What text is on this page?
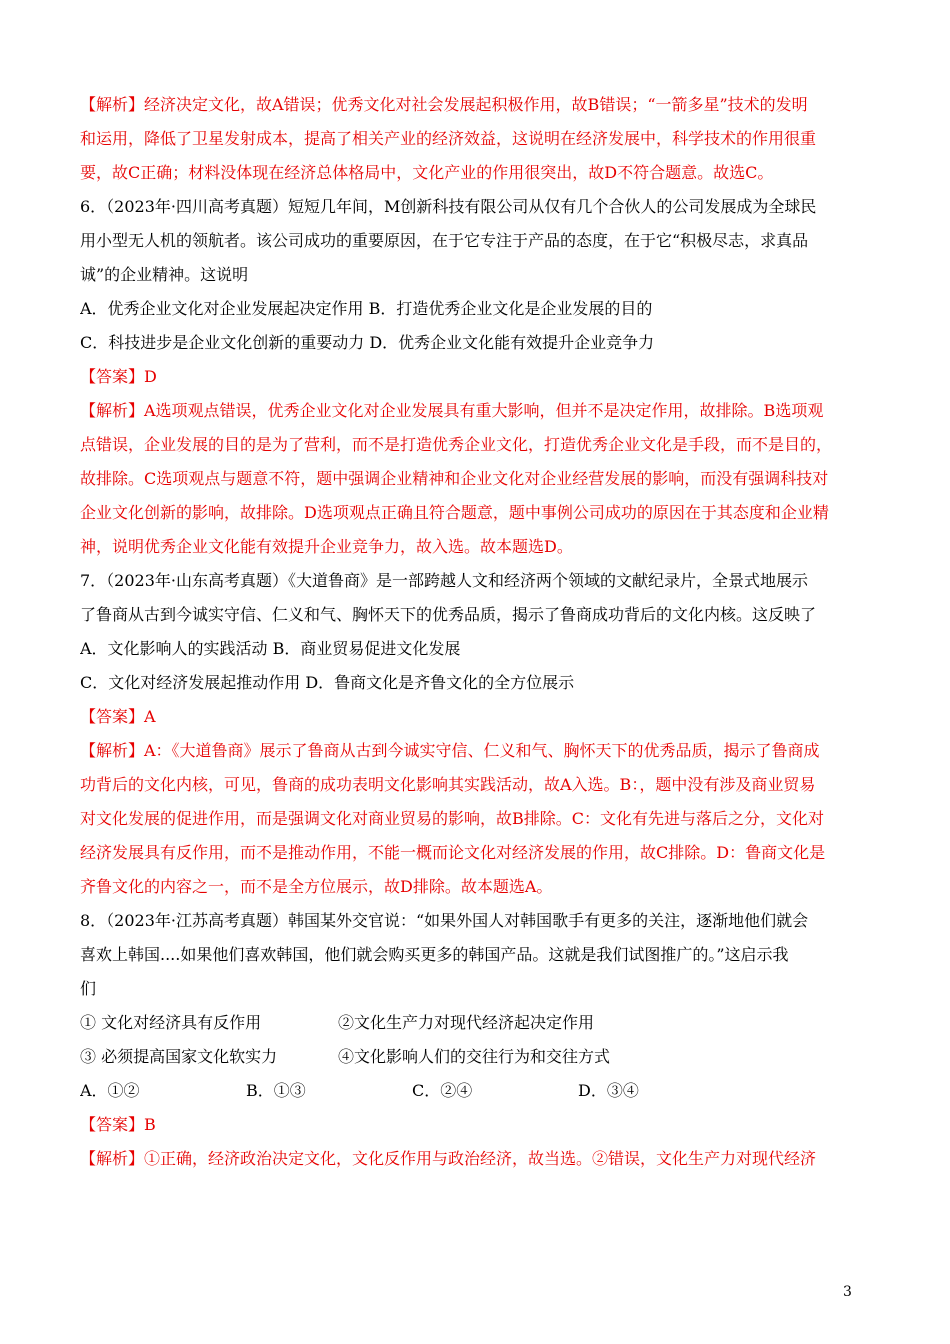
【解析】经济决定文化，故A错误；优秀文化对社会发展起积极作用，故B错误；“一箭多星”技术的发明
和运用，降低了卫星发射成本，提高了相关产业的经济效益，这说明在经济发展中，科学技术的作用很重
要，故C正确；材料没体现在经济总体格局中，文化产业的作用很突出，故D不符合题意。故选C。
6．（2023年·四川高考真题）短短几年间，M创新科技有限公司从仅有几个合伙人的公司发展成为全球民
用小型无人机的领航者。该公司成功的重要原因，在于它专注于产品的态度，在于它“积极尽志，求真品
诚”的企业精神。这说明
A．优秀企业文化对企业发展起决定作用 B．打造优秀企业文化是企业发展的目的
C．科技进步是企业文化创新的重要动力 D．优秀企业文化能有效提升企业竞争力
【答案】D
【解析】A选项观点错误，优秀企业文化对企业发展具有重大影响，但并不是决定作用，故排除。B选项观
点错误，企业发展的目的是为了营利，而不是打造优秀企业文化，打造优秀企业文化是手段，而不是目的，
故排除。C选项观点与题意不符，题中强调企业精神和企业文化对企业经营发展的影响，而没有强调科技对
企业文化创新的影响，故排除。D选项观点正确且符合题意，题中事例公司成功的原因在于其态度和企业精
神，说明优秀企业文化能有效提升企业竞争力，故入选。故本题选D。
7．（2023年·山东高考真题）《大道鲁商》是一部跨越人文和经济两个领域的文献纪录片，全景式地展示
了鲁商从古到今诚实守信、仁义和气、胸怀天下的优秀品质，揭示了鲁商成功背后的文化内核。这反映了
A．文化影响人的实践活动 B．商业贸易促进文化发展
C．文化对经济发展起推动作用 D．鲁商文化是齐鲁文化的全方位展示
【答案】A
【解析】A：《大道鲁商》展示了鲁商从古到今诚实守信、仁义和气、胸怀天下的优秀品质，揭示了鲁商成
功背后的文化内核，可见，鲁商的成功表明文化影响其实践活动，故A入选。B：，题中没有涉及商业贸易
对文化发展的促进作用，而是强调文化对商业贸易的影响，故B排除。C：文化有先进与落后之分，文化对
经济发展具有反作用，而不是推动作用，不能一概而论文化对经济发展的作用，故C排除。D：鲁商文化是
齐鲁文化的内容之一，而不是全方位展示，故D排除。故本题选A。
8．（2023年·江苏高考真题）韩国某外交官说：“如果外国人对韩国歌手有更多的关注，逐渐地他们就会
喜欢上韩国....如果他们喜欢韩国，他们就会购买更多的韩国产品。这就是我们试图推广的。”这启示我
们
① 文化对经济具有反作用	②文化生产力对现代经济起决定作用
③ 必须提高国家文化软实力	④文化影响人们的交往行为和交往方式
A．①②	B．①③	C．②④	D．③④
【答案】B
【解析】①正确，经济政治决定文化，文化反作用与政治经济，故当选。②错误，文化生产力对现代经济
3
